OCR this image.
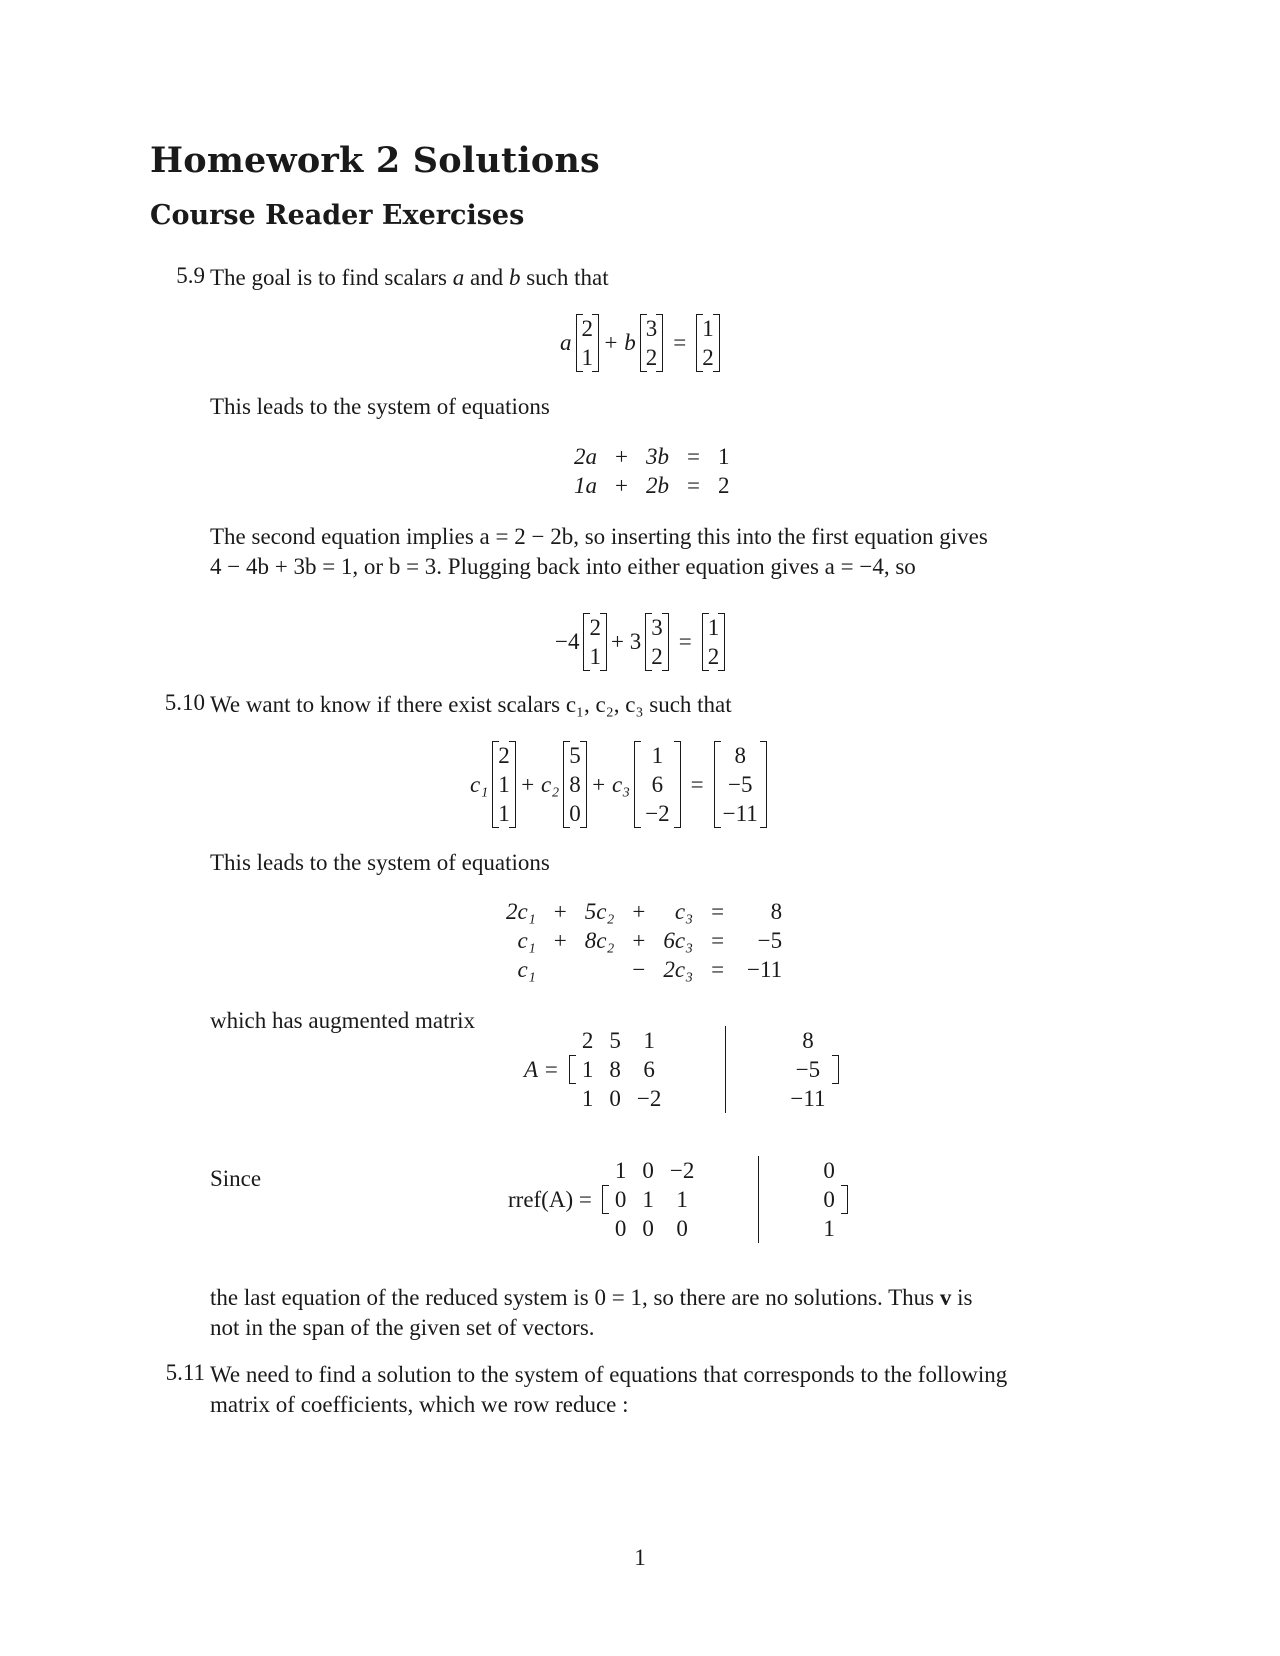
Homework 2 Solutions
Course Reader Exercises
5.9 The goal is to find scalars a and b such that
a
2
1
+ b
3
2
=
1
2
This leads to the system of equations
2a	+	3b	=	1
1a	+	2b	=	2
The second equation implies a = 2 − 2b, so inserting this into the first equation gives
4 − 4b + 3b = 1, or b = 3. Plugging back into either equation gives a = −4, so
−4
2
1
+ 3
3
2
=
1
2
5.10 We want to know if there exist scalars c₁, c₂, c₃ such that
c₁
2
1
1
+ c₂
5
8
0
+ c₃
1
6
−2
=
8
−5
−11
This leads to the system of equations
2c₁	+	5c₂	+	c₃	=	8
c₁	+	8c₂	+	6c₃	=	−5
c₁			−	2c₃	=	−11
which has augmented matrix
A =
2	5	1				8
1	8	6			−5
1	0	−2			−11
Since
rref(A) =
1	0	−2				0
0	1	1			0
0	0	0			1
the last equation of the reduced system is 0 = 1, so there are no solutions. Thus v is
not in the span of the given set of vectors.
5.11 We need to find a solution to the system of equations that corresponds to the following
matrix of coefficients, which we row reduce :
1
